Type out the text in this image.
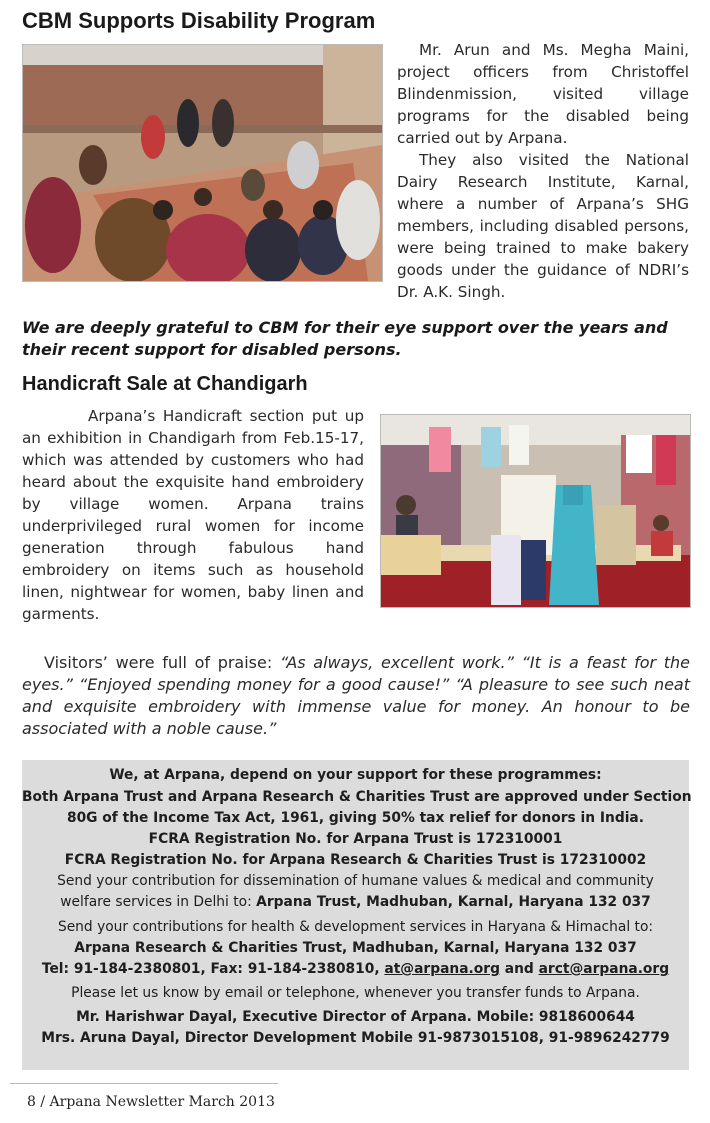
CBM Supports Disability Program

Mr. Arun and Ms. Megha Maini, project officers from Christoffel Blindenmission, visited village programs for the disabled being carried out by Arpana.

They also visited the National Dairy Research Institute, Karnal, where a number of Arpana’s SHG members, including disabled persons, were being trained to make bakery goods under the guidance of NDRI’s Dr. A.K. Singh.

We are deeply grateful to CBM for their eye support over the years and their recent support for disabled persons.

Handicraft Sale at Chandigarh

Arpana’s Handicraft section put up an exhibition in Chandigarh from Feb.15-17, which was attended by customers who had heard about the exquisite hand embroidery by village women. Arpana trains underprivileged rural women for income generation through fabulous hand embroidery on items such as household linen, nightwear for women, baby linen and garments.

Visitors’ were full of praise: “As always, excellent work.” “It is a feast for the eyes.” “Enjoyed spending money for a good cause!” “A pleasure to see such neat and exquisite embroidery with immense value for money. An honour to be associated with a noble cause.”

We, at Arpana, depend on your support for these programmes:
Both Arpana Trust and Arpana Research & Charities Trust are approved under Section
80G of the Income Tax Act, 1961, giving 50% tax relief for donors in India.
FCRA Registration No. for Arpana Trust is 172310001
FCRA Registration No. for Arpana Research & Charities Trust is 172310002
Send your contribution for dissemination of humane values & medical and community
welfare services in Delhi to: Arpana Trust, Madhuban, Karnal, Haryana 132 037
Send your contributions for health & development services in Haryana & Himachal to:
Arpana Research & Charities Trust, Madhuban, Karnal, Haryana 132 037
Tel: 91-184-2380801, Fax: 91-184-2380810, at@arpana.org and arct@arpana.org
Please let us know by email or telephone, whenever you transfer funds to Arpana.
Mr. Harishwar Dayal, Executive Director of Arpana. Mobile: 9818600644
Mrs. Aruna Dayal, Director Development Mobile 91-9873015108, 91-9896242779
8 / Arpana Newsletter March 2013
